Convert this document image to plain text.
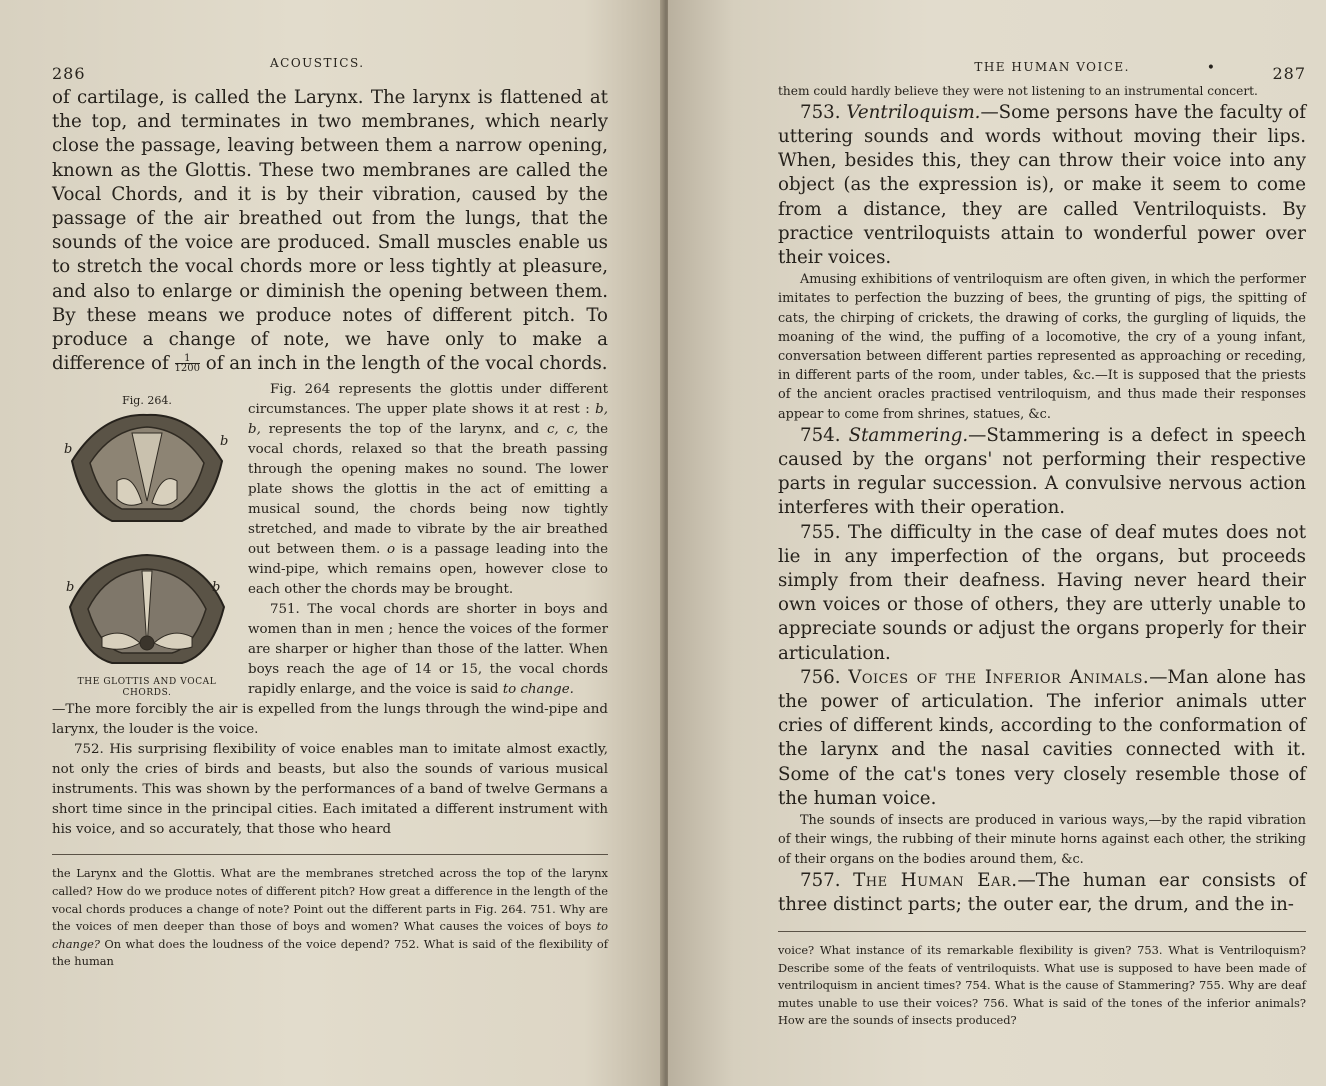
286
ACOUSTICS.

of cartilage, is called the Larynx. The larynx is flattened at the top, and terminates in two membranes, which nearly close the passage, leaving between them a narrow opening, known as the Glottis. These two membranes are called the Vocal Chords, and it is by their vibration, caused by the passage of the air breathed out from the lungs, that the sounds of the voice are produced. Small muscles enable us to stretch the vocal chords more or less tightly at pleasure, and also to enlarge or diminish the opening between them. By these means we produce notes of different pitch. To produce a change of note, we have only to make a difference of $\frac{1}{1200}$ of an inch in the length of the vocal chords.

Fig. 264.
b
b

b	b
THE GLOTTIS AND VOCAL CHORDS.

Fig. 264 represents the glottis under different circumstances. The upper plate shows it at rest : b, b, represents the top of the larynx, and c, c, the vocal chords, relaxed so that the breath passing through the opening makes no sound. The lower plate shows the glottis in the act of emitting a musical sound, the chords being now tightly stretched, and made to vibrate by the air breathed out between them. o is a passage leading into the wind-pipe, which remains open, however close to each other the chords may be brought.

751. The vocal chords are shorter in boys and women than in men ; hence the voices of the former are sharper or higher than those of the latter. When boys reach the age of 14 or 15, the vocal chords rapidly enlarge, and the voice is said to change.

—The more forcibly the air is expelled from the lungs through the wind-pipe and larynx, the louder is the voice.

752. His surprising flexibility of voice enables man to imitate almost exactly, not only the cries of birds and beasts, but also the sounds of various musical instruments. This was shown by the performances of a band of twelve Germans a short time since in the principal cities. Each imitated a different instrument with his voice, and so accurately, that those who heard

the Larynx and the Glottis. What are the membranes stretched across the top of the larynx called? How do we produce notes of different pitch? How great a difference in the length of the vocal chords produces a change of note? Point out the different parts in Fig. 264. 751. Why are the voices of men deeper than those of boys and women? What causes the voices of boys to change? On what does the loudness of the voice depend? 752. What is said of the flexibility of the human

THE HUMAN VOICE.	•	287

them could hardly believe they were not listening to an instrumental concert.

753. Ventriloquism.—Some persons have the faculty of uttering sounds and words without moving their lips. When, besides this, they can throw their voice into any object (as the expression is), or make it seem to come from a distance, they are called Ventriloquists. By practice ventriloquists attain to wonderful power over their voices.

Amusing exhibitions of ventriloquism are often given, in which the performer imitates to perfection the buzzing of bees, the grunting of pigs, the spitting of cats, the chirping of crickets, the drawing of corks, the gurgling of liquids, the moaning of the wind, the puffing of a locomotive, the cry of a young infant, conversation between different parties represented as approaching or receding, in different parts of the room, under tables, &c.—It is supposed that the priests of the ancient oracles practised ventriloquism, and thus made their responses appear to come from shrines, statues, &c.

754. Stammering.—Stammering is a defect in speech caused by the organs' not performing their respective parts in regular succession. A convulsive nervous action interferes with their operation.

755. The difficulty in the case of deaf mutes does not lie in any imperfection of the organs, but proceeds simply from their deafness. Having never heard their own voices or those of others, they are utterly unable to appreciate sounds or adjust the organs properly for their articulation.

756. Voices of the Inferior Animals.—Man alone has the power of articulation. The inferior animals utter cries of different kinds, according to the conformation of the larynx and the nasal cavities connected with it. Some of the cat's tones very closely resemble those of the human voice.

The sounds of insects are produced in various ways,—by the rapid vibration of their wings, the rubbing of their minute horns against each other, the striking of their organs on the bodies around them, &c.

757. The Human Ear.—The human ear consists of three distinct parts; the outer ear, the drum, and the in-

voice? What instance of its remarkable flexibility is given? 753. What is Ventriloquism? Describe some of the feats of ventriloquists. What use is supposed to have been made of ventriloquism in ancient times? 754. What is the cause of Stammering? 755. Why are deaf mutes unable to use their voices? 756. What is said of the tones of the inferior animals? How are the sounds of insects produced?
